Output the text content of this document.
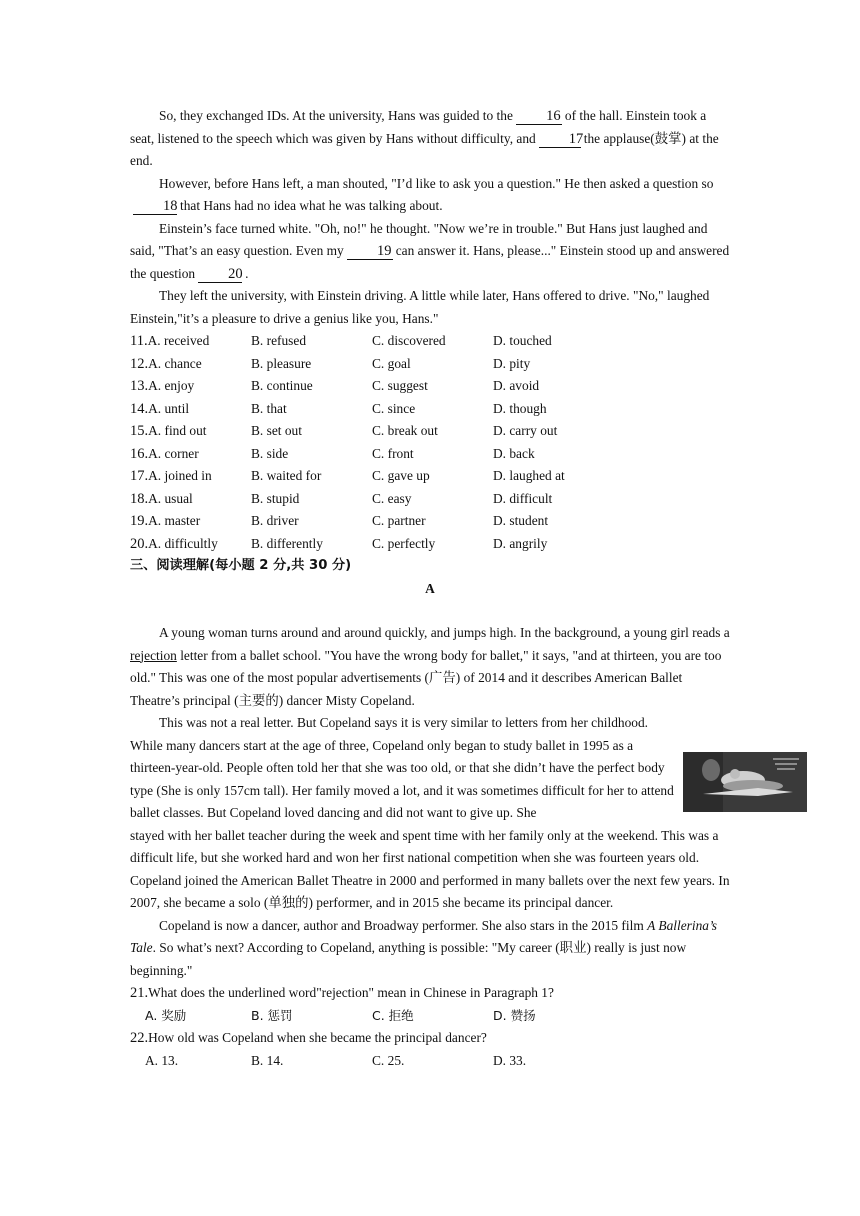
So, they exchanged IDs. At the university, Hans was guided to the 16 of the hall. Einstein took a seat, listened to the speech which was given by Hans without difficulty, and 17the applause(鼓掌) at the end.

However, before Hans left, a man shouted, "I’d like to ask you a question." He then asked a question so18 that Hans had no idea what he was talking about.

Einstein’s face turned white. "Oh, no!" he thought. "Now we’re in trouble." But Hans just laughed and said, "That’s an easy question. Even my 19 can answer it. Hans, please..." Einstein stood up and answered the question 20 .

They left the university, with Einstein driving. A little while later, Hans offered to drive. "No," laughed Einstein,"it’s a pleasure to drive a genius like you, Hans."

11.A. received	B. refused	C. discovered	D. touched
12.A. chance	B. pleasure	C. goal	D. pity
13.A. enjoy	B. continue	C. suggest	D. avoid
14.A. until	B. that	C. since	D. though
15.A. find out	B. set out	C. break out	D. carry out
16.A. corner	B. side	C. front	D. back
17.A. joined in	B. waited for	C. gave up	D. laughed at
18.A. usual	B. stupid	C. easy	D. difficult
19.A. master	B. driver	C. partner	D. student
20.A. difficultly	B. differently	C. perfectly	D. angrily

三、阅读理解(每小题 2 分,共 30 分)

A

A young woman turns around and around quickly, and jumps high. In the background, a young girl reads a rejection letter from a ballet school. "You have the wrong body for ballet," it says, "and at thirteen, you are too old." This was one of the most popular advertisements (广告) of 2014 and it describes American Ballet Theatre’s principal (主要的) dancer Misty Copeland.

This was not a real letter. But Copeland says it is very similar to letters from her childhood. While many dancers start at the age of three, Copeland only began to study ballet in 1995 as a thirteen-year-old. People often told her that she was too old, or that she didn’t have the perfect body type (She is only 157cm tall). Her family moved a lot, and it was sometimes difficult for her to attend ballet classes. But Copeland loved dancing and did not want to give up. She

stayed with her ballet teacher during the week and spent time with her family only at the weekend. This was a difficult life, but she worked hard and won her first national competition when she was fourteen years old. Copeland joined the American Ballet Theatre in 2000 and performed in many ballets over the next few years. In 2007, she became a solo (单独的) performer, and in 2015 she became its principal dancer.

Copeland is now a dancer, author and Broadway performer. She also stars in the 2015 film A Ballerina’s Tale. So what’s next? According to Copeland, anything is possible: "My career (职业) really is just now beginning."

21.What does the underlined word"rejection" mean in Chinese in Paragraph 1?

A. 奖励	B. 惩罚	C. 拒绝	D. 赞扬

22.How old was Copeland when she became the principal dancer?

A. 13.	B. 14.	C. 25.	D. 33.
